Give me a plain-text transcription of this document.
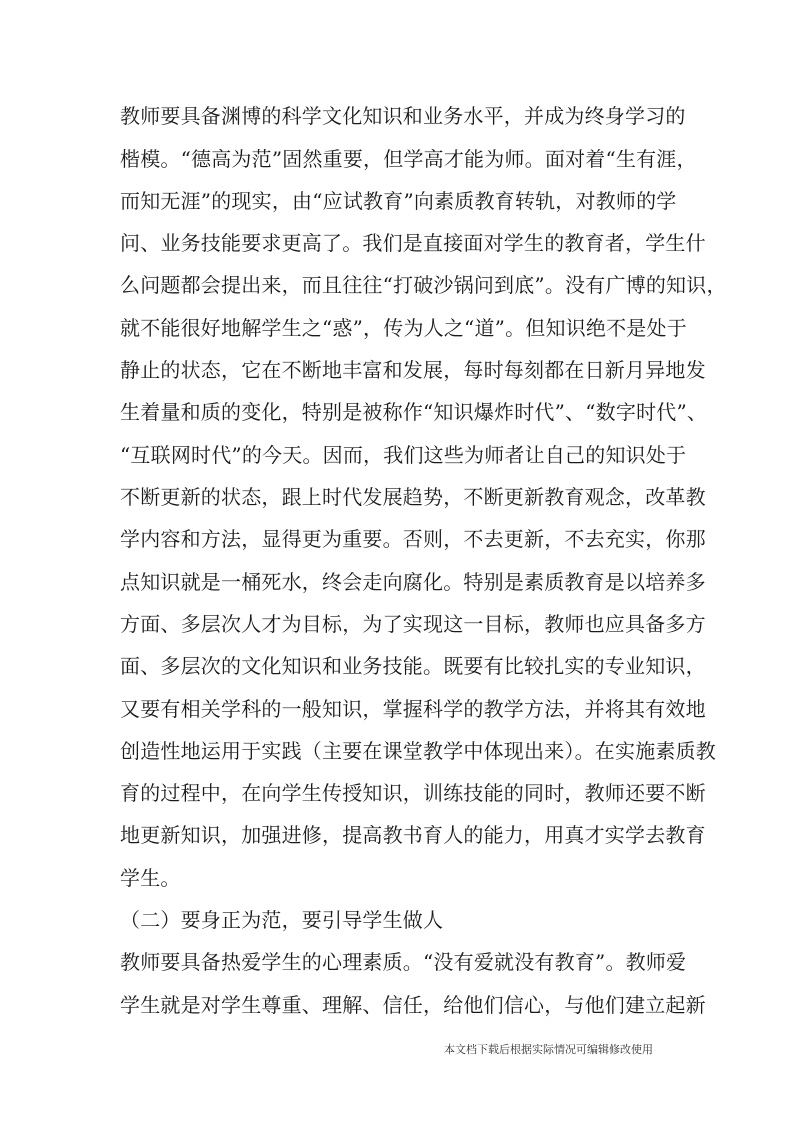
教师要具备渊博的科学文化知识和业务水平，并成为终身学习的
楷模。“德高为范”固然重要，但学高才能为师。面对着“生有涯，
而知无涯”的现实，由“应试教育”向素质教育转轨，对教师的学
问、业务技能要求更高了。我们是直接面对学生的教育者，学生什
么问题都会提出来，而且往往“打破沙锅问到底”。没有广博的知识，
就不能很好地解学生之“惑”，传为人之“道”。但知识绝不是处于
静止的状态，它在不断地丰富和发展，每时每刻都在日新月异地发
生着量和质的变化，特别是被称作“知识爆炸时代”、“数字时代”、
“互联网时代”的今天。因而，我们这些为师者让自己的知识处于
不断更新的状态，跟上时代发展趋势，不断更新教育观念，改革教
学内容和方法，显得更为重要。否则，不去更新，不去充实，你那
点知识就是一桶死水，终会走向腐化。特别是素质教育是以培养多
方面、多层次人才为目标，为了实现这一目标，教师也应具备多方
面、多层次的文化知识和业务技能。既要有比较扎实的专业知识，
又要有相关学科的一般知识，掌握科学的教学方法，并将其有效地
创造性地运用于实践（主要在课堂教学中体现出来）。在实施素质教
育的过程中，在向学生传授知识，训练技能的同时，教师还要不断
地更新知识，加强进修，提高教书育人的能力，用真才实学去教育
学生。
（二）要身正为范，要引导学生做人
教师要具备热爱学生的心理素质。“没有爱就没有教育”。教师爱
学生就是对学生尊重、理解、信任，给他们信心，与他们建立起新
本文档下载后根据实际情况可编辑修改使用
